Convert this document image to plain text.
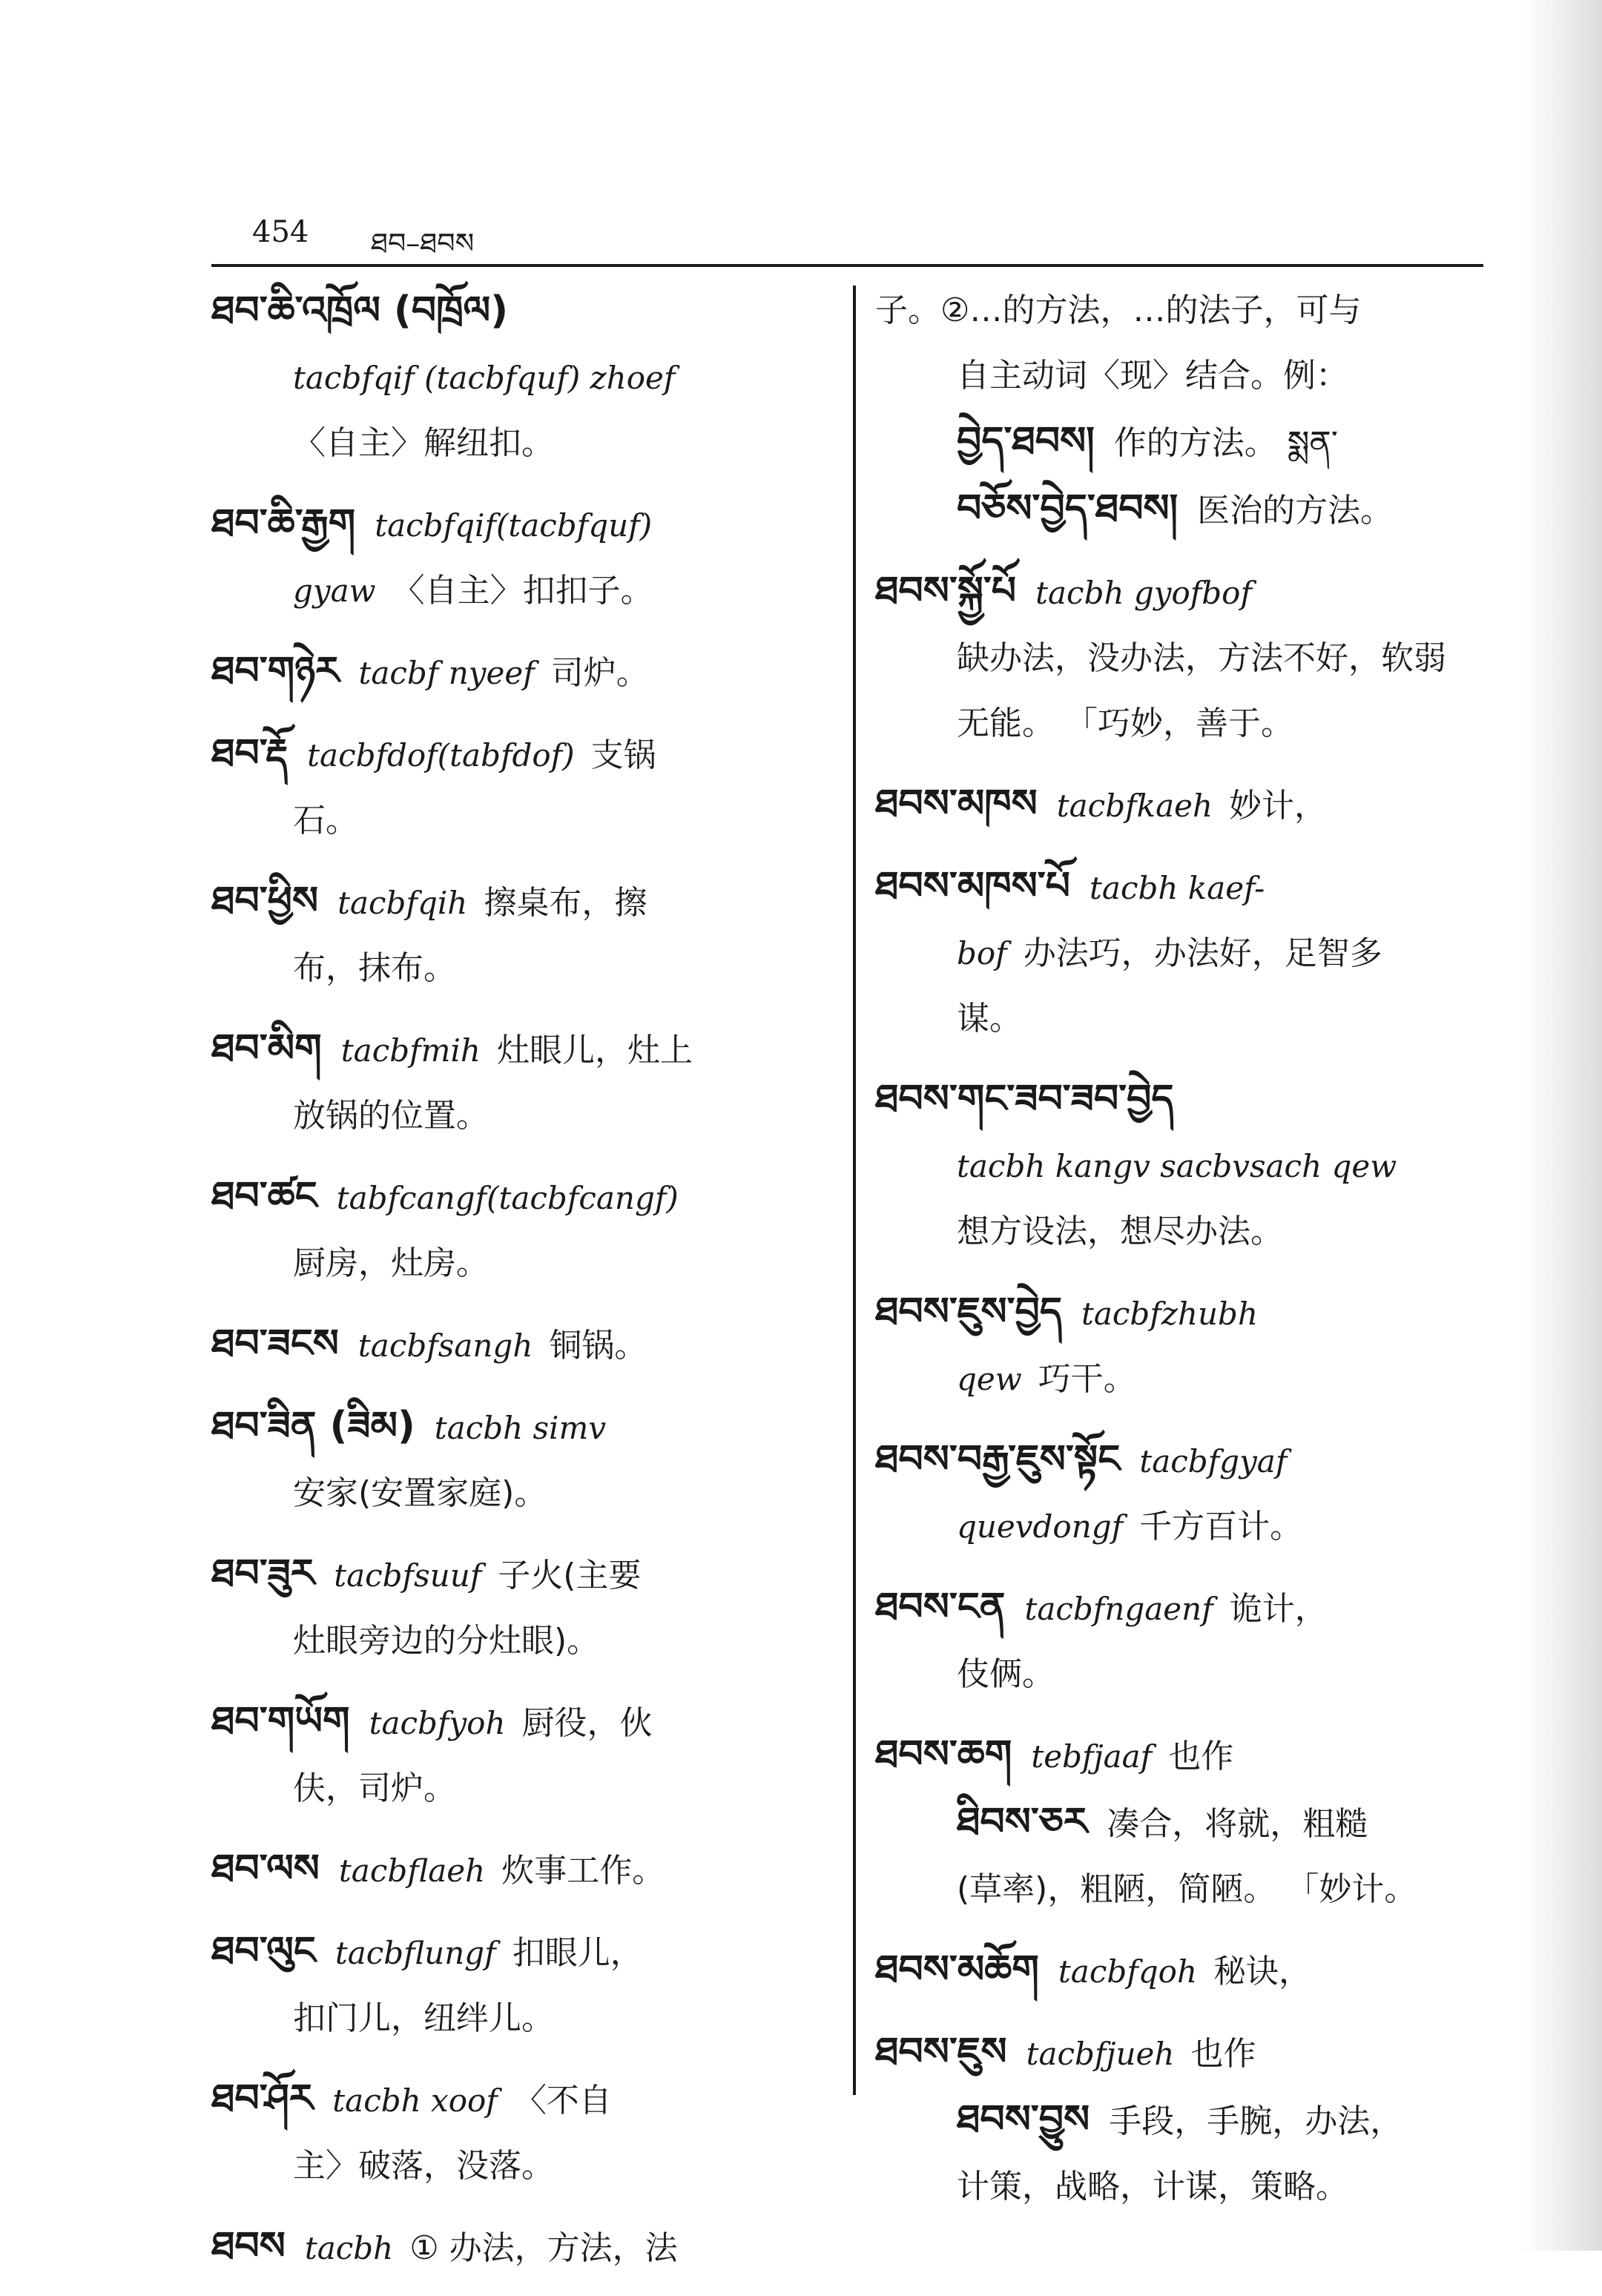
454 ཐབ–ཐབས

ཐབ་ཆི་འཁྲོལ (བཁྲོལ)

tacbfqif (tacbfquf) zhoef

〈自主〉解纽扣。

ཐབ་ཆི་རྒྱག tacbfqif(tacbfquf)

gyaw 〈自主〉扣扣子。

ཐབ་གཉེར tacbf nyeef 司炉。

ཐབ་རྡོ tacbfdof(tabfdof) 支锅

石。

ཐབ་ཕྱིས tacbfqih 擦桌布，擦

布，抹布。

ཐབ་མིག tacbfmih 灶眼儿，灶上

放锅的位置。

ཐབ་ཚང tabfcangf(tacbfcangf)

厨房，灶房。

ཐབ་ཟངས tacbfsangh 铜锅。

ཐབ་ཟིན (ཟིམ) tacbh simv

安家(安置家庭)。

ཐབ་ཟུར tacbfsuuf 子火(主要

灶眼旁边的分灶眼)。

ཐབ་གཡོག tacbfyoh 厨役，伙

伕，司炉。

ཐབ་ལས tacbflaeh 炊事工作。

ཐབ་ལུང tacbflungf 扣眼儿，

扣门儿，纽绊儿。

ཐབ་ཤོར tacbh xoof 〈不自

主〉破落，没落。

ཐབས tacbh ① 办法，方法，法

子。②…的方法，…的法子，可与

自主动词〈现〉结合。例：

བྱེད་ཐབས། 作的方法。 སྨན་

བཅོས་བྱེད་ཐབས། 医治的方法。

ཐབས་སྐྱོ་པོ tacbh gyofbof

缺办法，没办法，方法不好，软弱

无能。 「巧妙，善于。

ཐབས་མཁས tacbfkaeh 妙计，

ཐབས་མཁས་པོ tacbh kaef-

bof 办法巧，办法好，足智多

谋。

ཐབས་གང་ཟབ་ཟབ་བྱེད

tacbh kangv sacbvsach qew

想方设法，想尽办法。

ཐབས་ཇུས་བྱེད tacbfzhubh

qew 巧干。

ཐབས་བརྒྱ་ཇུས་སྟོང tacbfgyaf

quevdongf 千方百计。

ཐབས་ངན tacbfngaenf 诡计，

伎俩。

ཐབས་ཆག tebfjaaf 也作

ཐིབས་ཅར 凑合，将就，粗糙

(草率)，粗陋，简陋。 「妙计。

ཐབས་མཆོག tacbfqoh 秘诀，

ཐབས་ཇུས tacbfjueh 也作

ཐབས་བྱུས 手段，手腕，办法，

计策，战略，计谋，策略。
